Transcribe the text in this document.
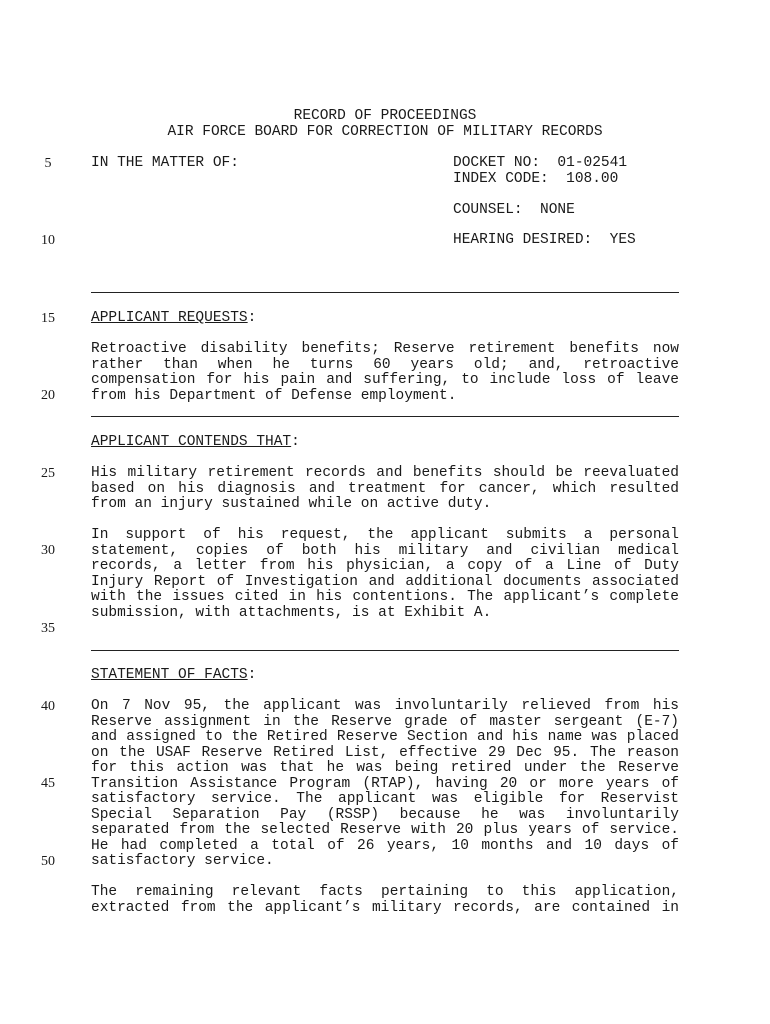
RECORD OF PROCEEDINGS
AIR FORCE BOARD FOR CORRECTION OF MILITARY RECORDS
5
10
15
20
25
30
35
40
45
50
IN THE MATTER OF:	DOCKET NO:  01-02541
INDEX CODE:  108.00
COUNSEL:  NONE
HEARING DESIRED:  YES
APPLICANT REQUESTS:
Retroactive disability benefits; Reserve retirement benefits now rather than when he turns 60 years old; and, retroactive compensation for his pain and suffering, to include loss of leave from his Department of Defense employment.
APPLICANT CONTENDS THAT:
His military retirement records and benefits should be reevaluated based on his diagnosis and treatment for cancer, which resulted from an injury sustained while on active duty.
In support of his request, the applicant submits a personal statement, copies of both his military and civilian medical records, a letter from his physician, a copy of a Line of Duty Injury Report of Investigation and additional documents associated with the issues cited in his contentions. The applicant’s complete submission, with attachments, is at Exhibit A.
STATEMENT OF FACTS:
On 7 Nov 95, the applicant was involuntarily relieved from his Reserve assignment in the Reserve grade of master sergeant (E-7) and assigned to the Retired Reserve Section and his name was placed on the USAF Reserve Retired List, effective 29 Dec 95. The reason for this action was that he was being retired under the Reserve Transition Assistance Program (RTAP), having 20 or more years of satisfactory service. The applicant was eligible for Reservist Special Separation Pay (RSSP) because he was involuntarily separated from the selected Reserve with 20 plus years of service. He had completed a total of 26 years, 10 months and 10 days of satisfactory service.
The remaining relevant facts pertaining to this application, extracted from the applicant’s military records, are contained in
